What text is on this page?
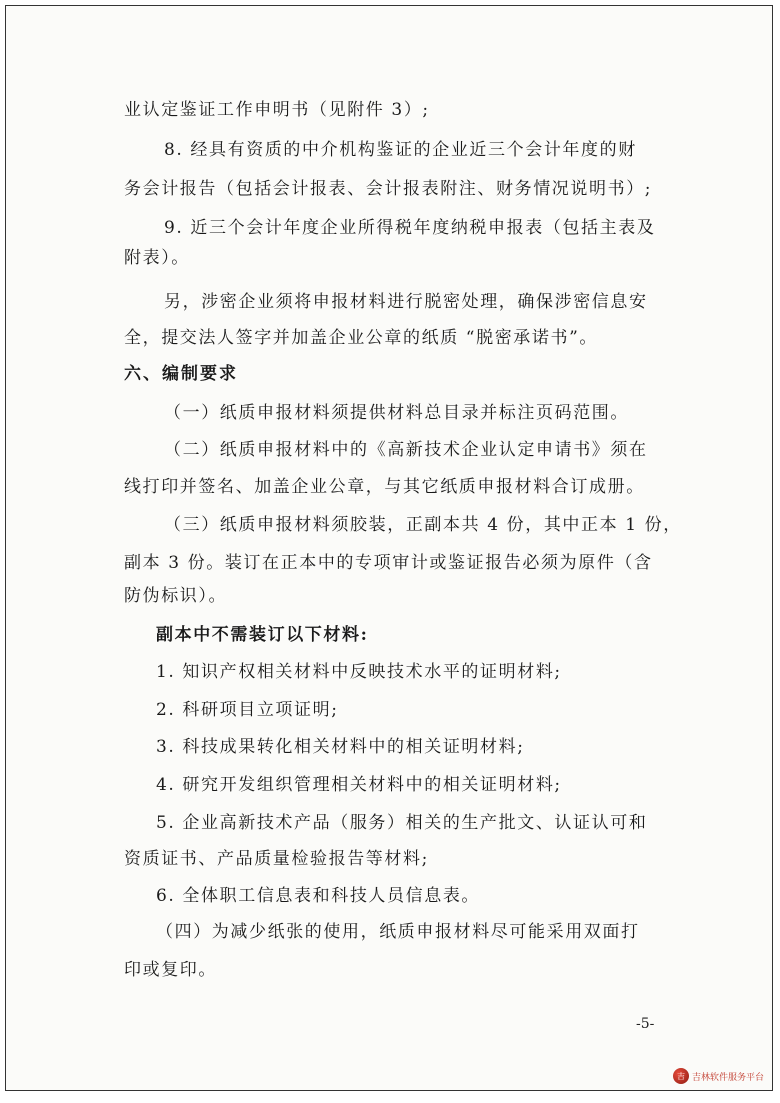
业认定鉴证工作申明书（见附件 3）;
8. 经具有资质的中介机构鉴证的企业近三个会计年度的财
务会计报告（包括会计报表、会计报表附注、财务情况说明书）;
9. 近三个会计年度企业所得税年度纳税申报表（包括主表及
附表）。
另，涉密企业须将申报材料进行脱密处理，确保涉密信息安
全，提交法人签字并加盖企业公章的纸质 “脱密承诺书”。
六、编制要求
（一）纸质申报材料须提供材料总目录并标注页码范围。
（二）纸质申报材料中的《高新技术企业认定申请书》须在
线打印并签名、加盖企业公章，与其它纸质申报材料合订成册。
（三）纸质申报材料须胶装，正副本共 4 份，其中正本 1 份，
副本 3 份。装订在正本中的专项审计或鉴证报告必须为原件（含
防伪标识）。
副本中不需装订以下材料:
1. 知识产权相关材料中反映技术水平的证明材料;
2. 科研项目立项证明;
3. 科技成果转化相关材料中的相关证明材料;
4. 研究开发组织管理相关材料中的相关证明材料;
5. 企业高新技术产品（服务）相关的生产批文、认证认可和
资质证书、产品质量检验报告等材料;
6. 全体职工信息表和科技人员信息表。
（四）为减少纸张的使用，纸质申报材料尽可能采用双面打
印或复印。
-5-
吉 吉林软件服务平台
